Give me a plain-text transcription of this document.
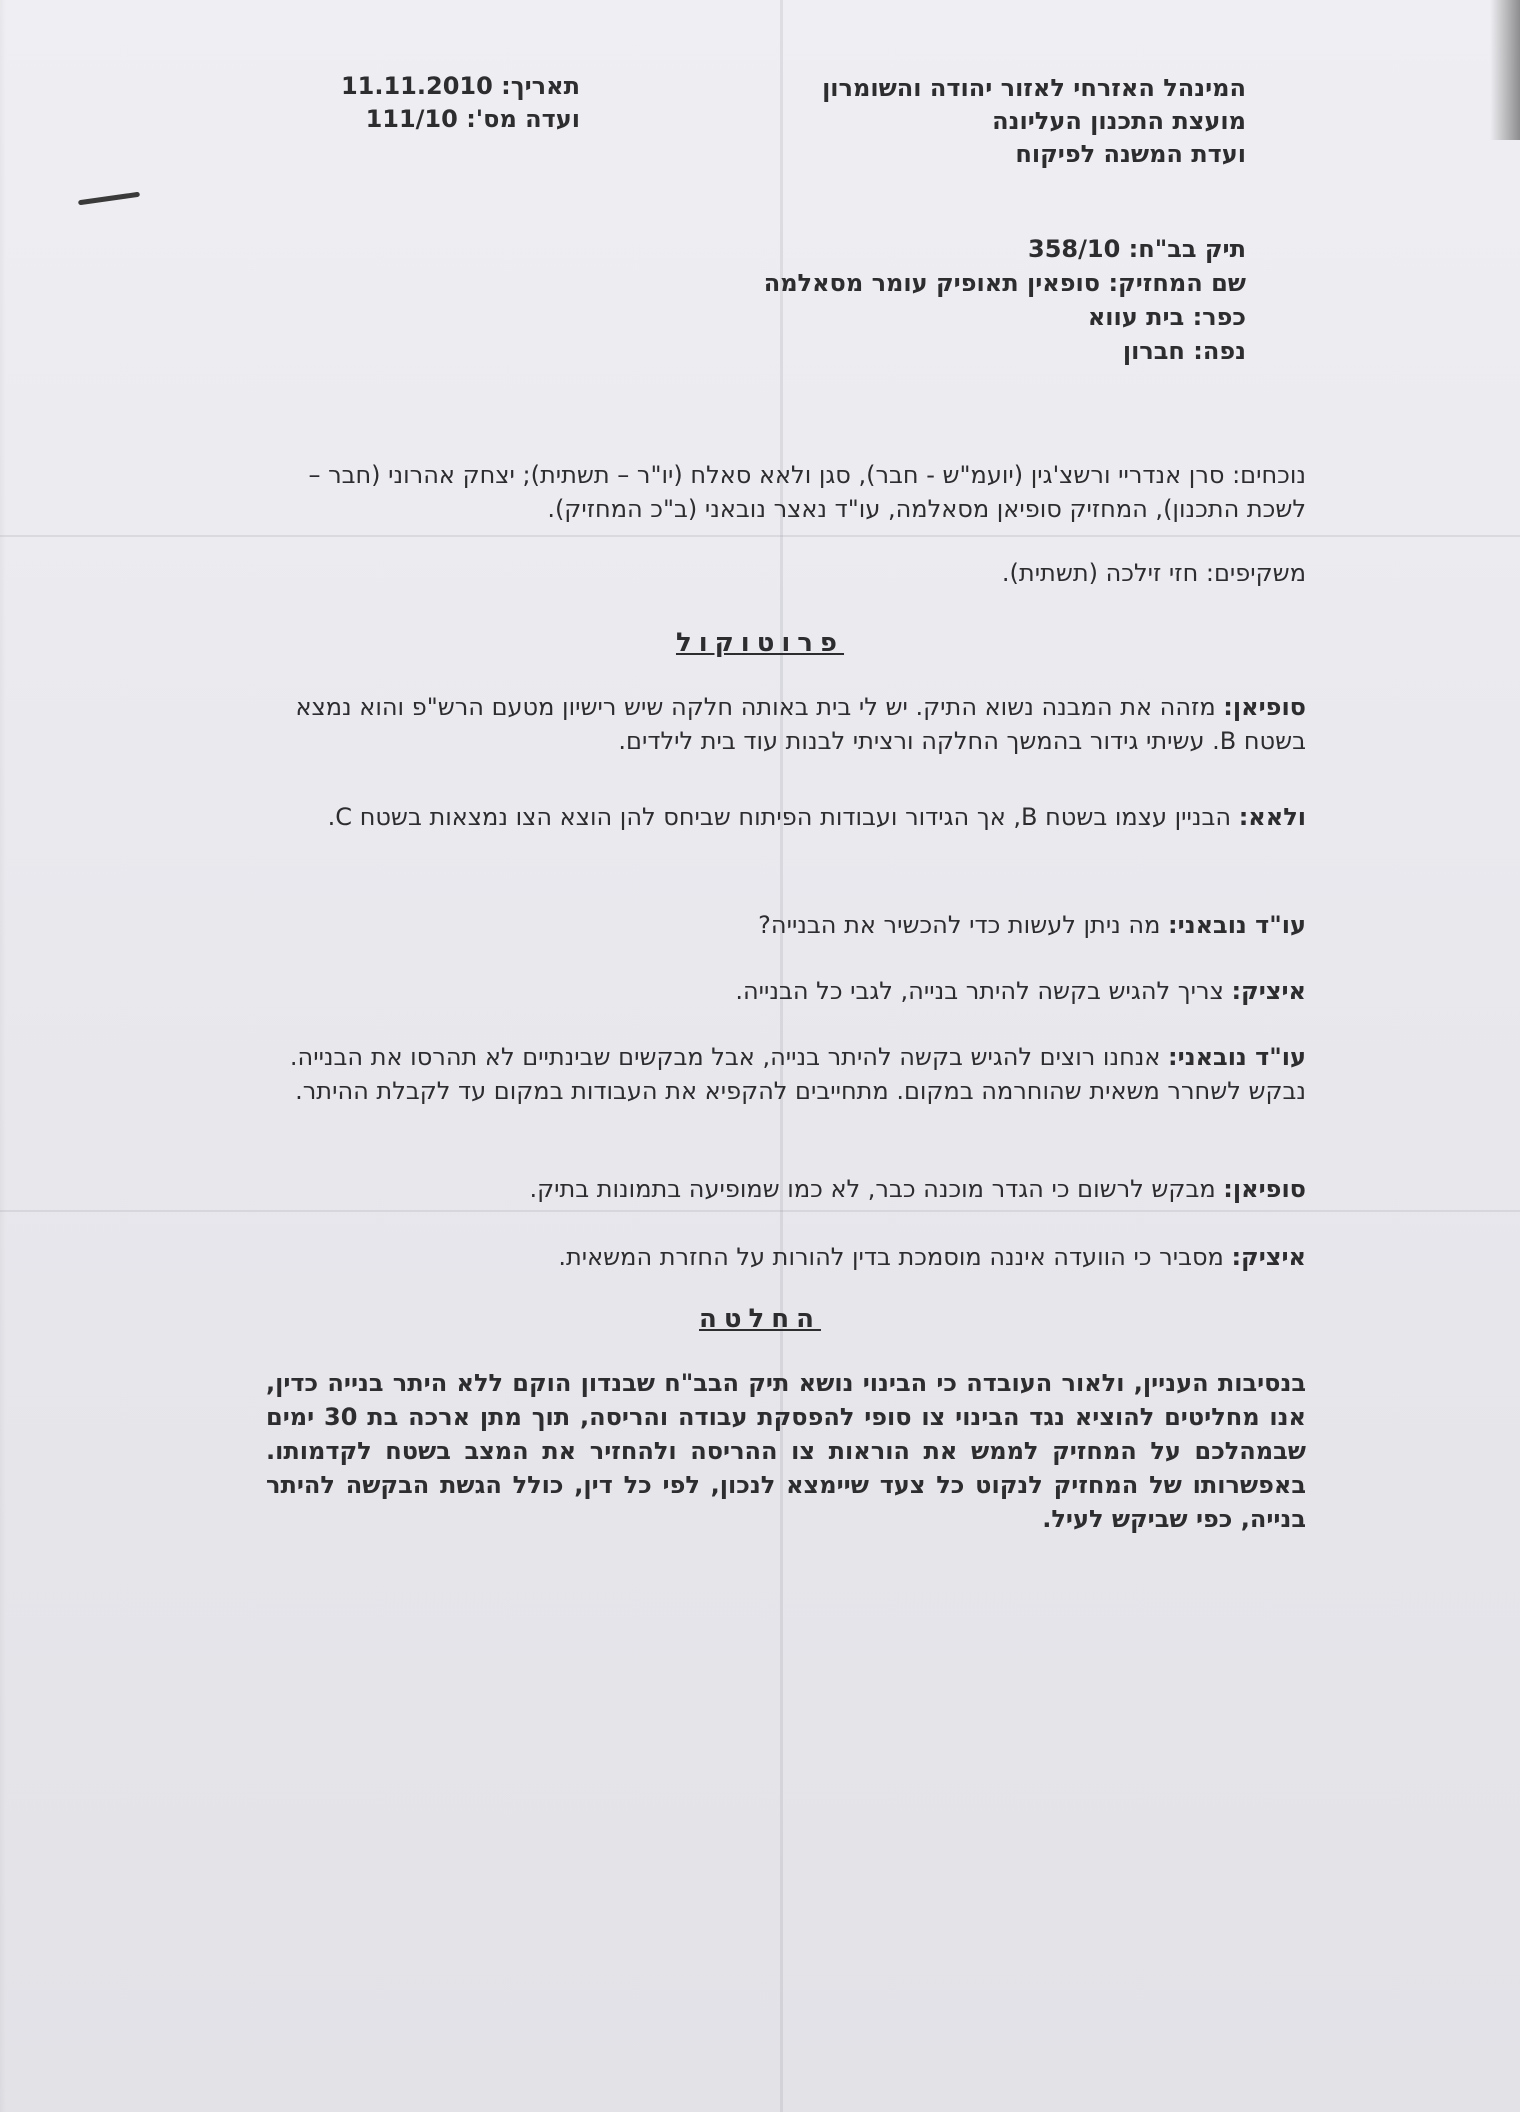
המינהל האזרחי לאזור יהודה והשומרון
מועצת התכנון העליונה
ועדת המשנה לפיקוח
תאריך: 11.11.2010
ועדה מס': 111/10
תיק בב"ח: 358/10
שם המחזיק: סופאין תאופיק עומר מסאלמה
כפר: בית עווא
נפה: חברון
נוכחים: סרן אנדריי ורשצ'גין (יועמ"ש - חבר), סגן ולאא סאלח (יו"ר – תשתית); יצחק אהרוני (חבר – לשכת התכנון), המחזיק סופיאן מסאלמה, עו"ד נאצר נובאני (ב"כ המחזיק).
משקיפים: חזי זילכה (תשתית).
פרוטוקול
סופיאן: מזהה את המבנה נשוא התיק. יש לי בית באותה חלקה שיש רישיון מטעם הרש"פ והוא נמצא בשטח B. עשיתי גידור בהמשך החלקה ורציתי לבנות עוד בית לילדים.
ולאא: הבניין עצמו בשטח B, אך הגידור ועבודות הפיתוח שביחס להן הוצא הצו נמצאות בשטח C.
עו"ד נובאני: מה ניתן לעשות כדי להכשיר את הבנייה?
איציק: צריך להגיש בקשה להיתר בנייה, לגבי כל הבנייה.
עו"ד נובאני: אנחנו רוצים להגיש בקשה להיתר בנייה, אבל מבקשים שבינתיים לא תהרסו את הבנייה. נבקש לשחרר משאית שהוחרמה במקום. מתחייבים להקפיא את העבודות במקום עד לקבלת ההיתר.
סופיאן: מבקש לרשום כי הגדר מוכנה כבר, לא כמו שמופיעה בתמונות בתיק.
איציק: מסביר כי הוועדה איננה מוסמכת בדין להורות על החזרת המשאית.
החלטה
בנסיבות העניין, ולאור העובדה כי הבינוי נושא תיק הבב"ח שבנדון הוקם ללא היתר בנייה כדין, אנו מחליטים להוציא נגד הבינוי צו סופי להפסקת עבודה והריסה, תוך מתן ארכה בת 30 ימים שבמהלכם על המחזיק לממש את הוראות צו ההריסה ולהחזיר את המצב בשטח לקדמותו. באפשרותו של המחזיק לנקוט כל צעד שיימצא לנכון, לפי כל דין, כולל הגשת הבקשה להיתר בנייה, כפי שביקש לעיל.
